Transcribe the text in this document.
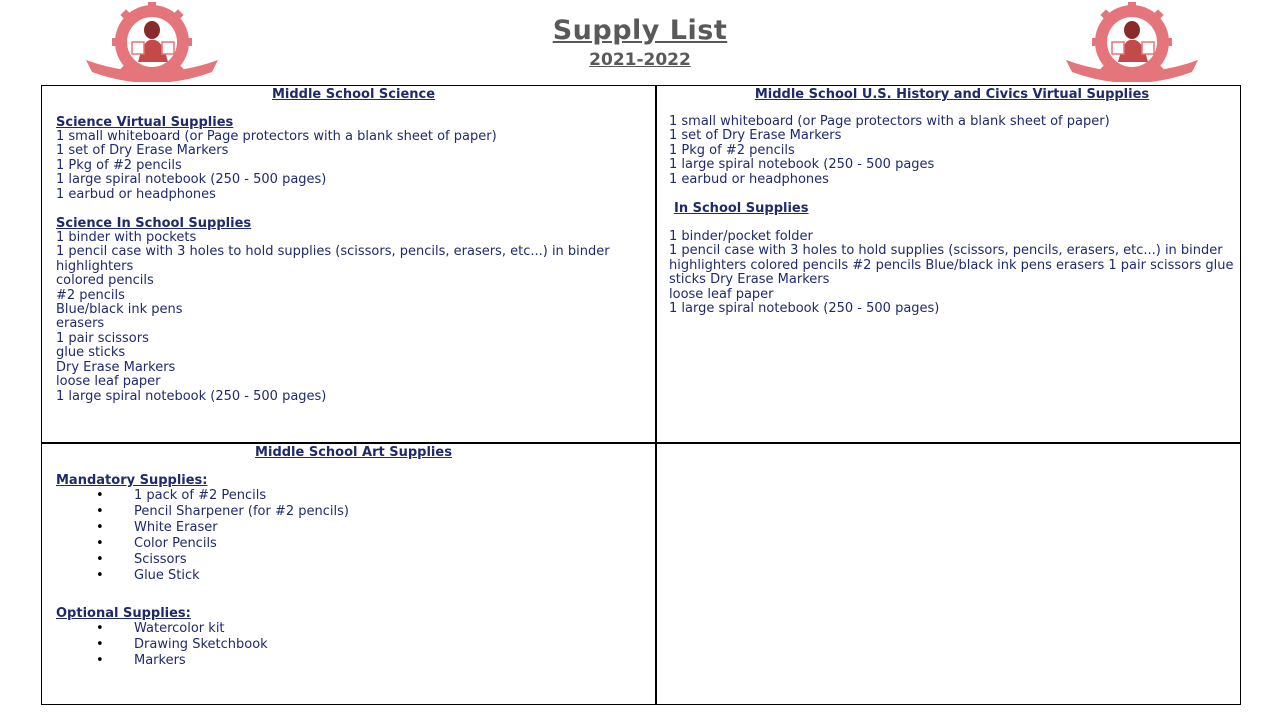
Supply List
2021-2022
Middle School Science
Science Virtual Supplies
1 small whiteboard (or Page protectors with a blank sheet of paper)
1 set of Dry Erase Markers
1 Pkg of #2 pencils
1 large spiral notebook (250 - 500 pages)
1 earbud or headphones
Science In School Supplies
1 binder with pockets
1 pencil case with 3 holes to hold supplies (scissors, pencils, erasers, etc...) in binder
highlighters
colored pencils
#2 pencils
Blue/black ink pens
erasers
1 pair scissors
glue sticks
Dry Erase Markers
loose leaf paper
1 large spiral notebook (250 - 500 pages)
Middle School U.S. History and Civics Virtual Supplies
1 small whiteboard (or Page protectors with a blank sheet of paper)
1 set of Dry Erase Markers
1 Pkg of #2 pencils
1 large spiral notebook (250 - 500 pages
1 earbud or headphones
In School Supplies
1 binder/pocket folder
1 pencil case with 3 holes to hold supplies (scissors, pencils, erasers, etc...) in binder highlighters colored pencils #2 pencils Blue/black ink pens erasers 1 pair scissors glue sticks Dry Erase Markers
loose leaf paper
1 large spiral notebook (250 - 500 pages)
Middle School Art Supplies
Mandatory Supplies:
• 1 pack of #2 Pencils
• Pencil Sharpener (for #2 pencils)
• White Eraser
• Color Pencils
• Scissors
• Glue Stick
Optional Supplies:
• Watercolor kit
• Drawing Sketchbook
• Markers
